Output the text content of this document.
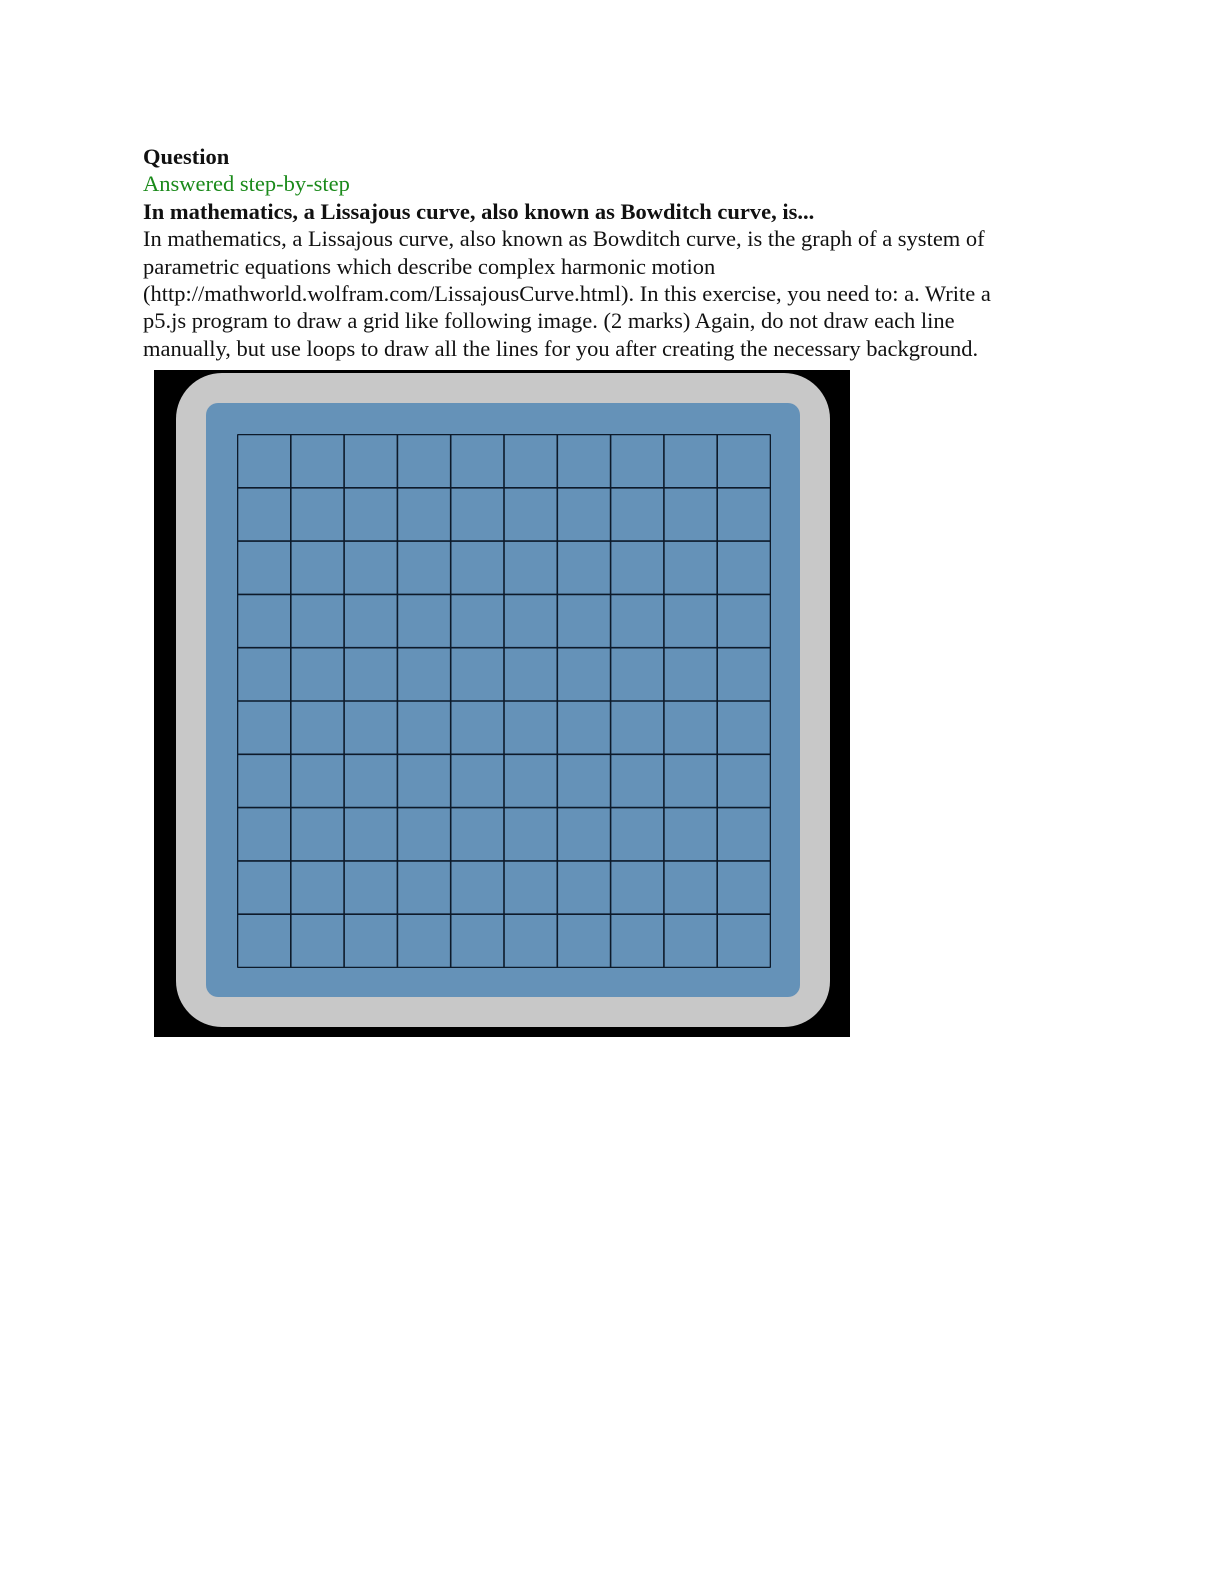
Question
Answered step-by-step
In mathematics, a Lissajous curve, also known as Bowditch curve, is...
In mathematics, a Lissajous curve, also known as Bowditch curve, is the graph of a system of
parametric equations which describe complex harmonic motion
(http://mathworld.wolfram.com/LissajousCurve.html). In this exercise, you need to: a. Write a
p5.js program to draw a grid like following image. (2 marks) Again, do not draw each line
manually, but use loops to draw all the lines for you after creating the necessary background.
